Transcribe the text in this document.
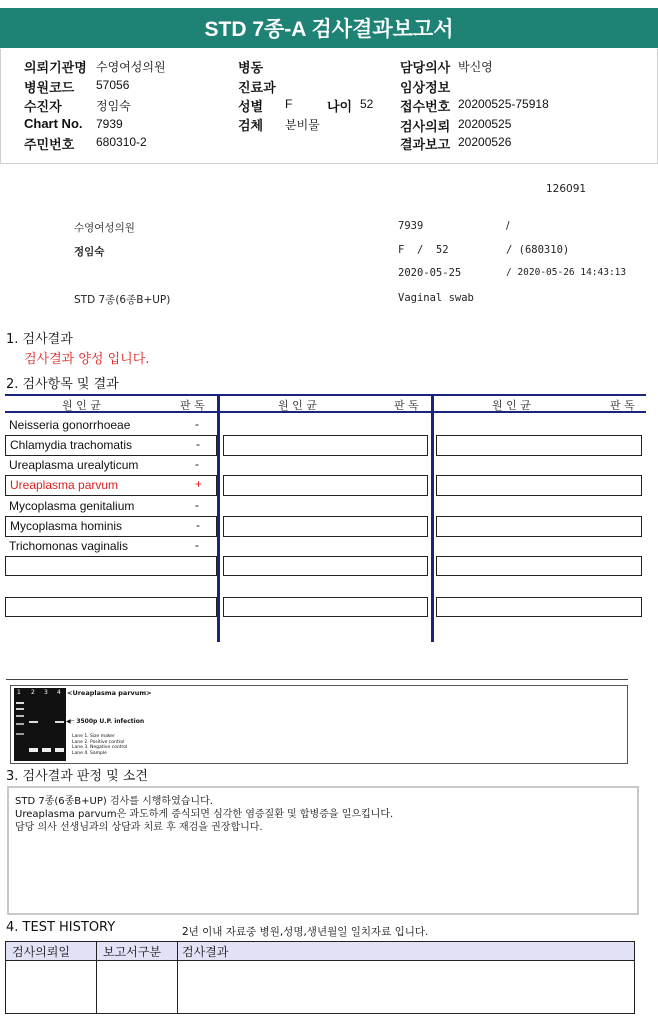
STD 7종-A 검사결과보고서
의뢰기관명 수영여성의원
병원코드 57056
수진자	정임숙
Chart No. 7939
주민번호 680310-2
병동
진료과
성별 F	나이 52
검체 분비물
담당의사 박신영
임상정보
접수번호 20200525-75918
검사의뢰 20200525
결과보고 20200526
126091
수영여성의원	7939	/
정임숙	F  /  52	/ (680310)
2020-05-25	/ 2020-05-26 14:43:13
STD 7종(6종B+UP)	Vaginal swab
1. 검사결과
검사결과 양성 입니다.
2. 검사항목 및 결과
원 인 균	판 독	원 인 균	판 독	원 인 균	판 독
Neisseria gonorrhoeae	-
Chlamydia trachomatis	-
Ureaplasma urealyticum	-
Ureaplasma parvum	+
Mycoplasma genitalium	-
Mycoplasma hominis	-
Trichomonas vaginalis	-
1 2 3 4 <Ureaplasma parvum>
◀─ 3500p U.P. infection
Lane 1. Size maker
Lane 2. Positive control
Lane 3. Negative control
Lane 4. Sample
3. 검사결과 판정 및 소견
STD 7종(6종B+UP) 검사를 시행하였습니다.
Ureaplasma parvum은 과도하게 증식되면 심각한 염증질환 및 합병증을 일으킵니다.
담당 의사 선생님과의 상담과 치료 후 재검을 권장합니다.
4. TEST HISTORY	2년 이내 자료중 병원,성명,생년월일 일치자료 입니다.
검사의뢰일	보고서구분 검사결과
